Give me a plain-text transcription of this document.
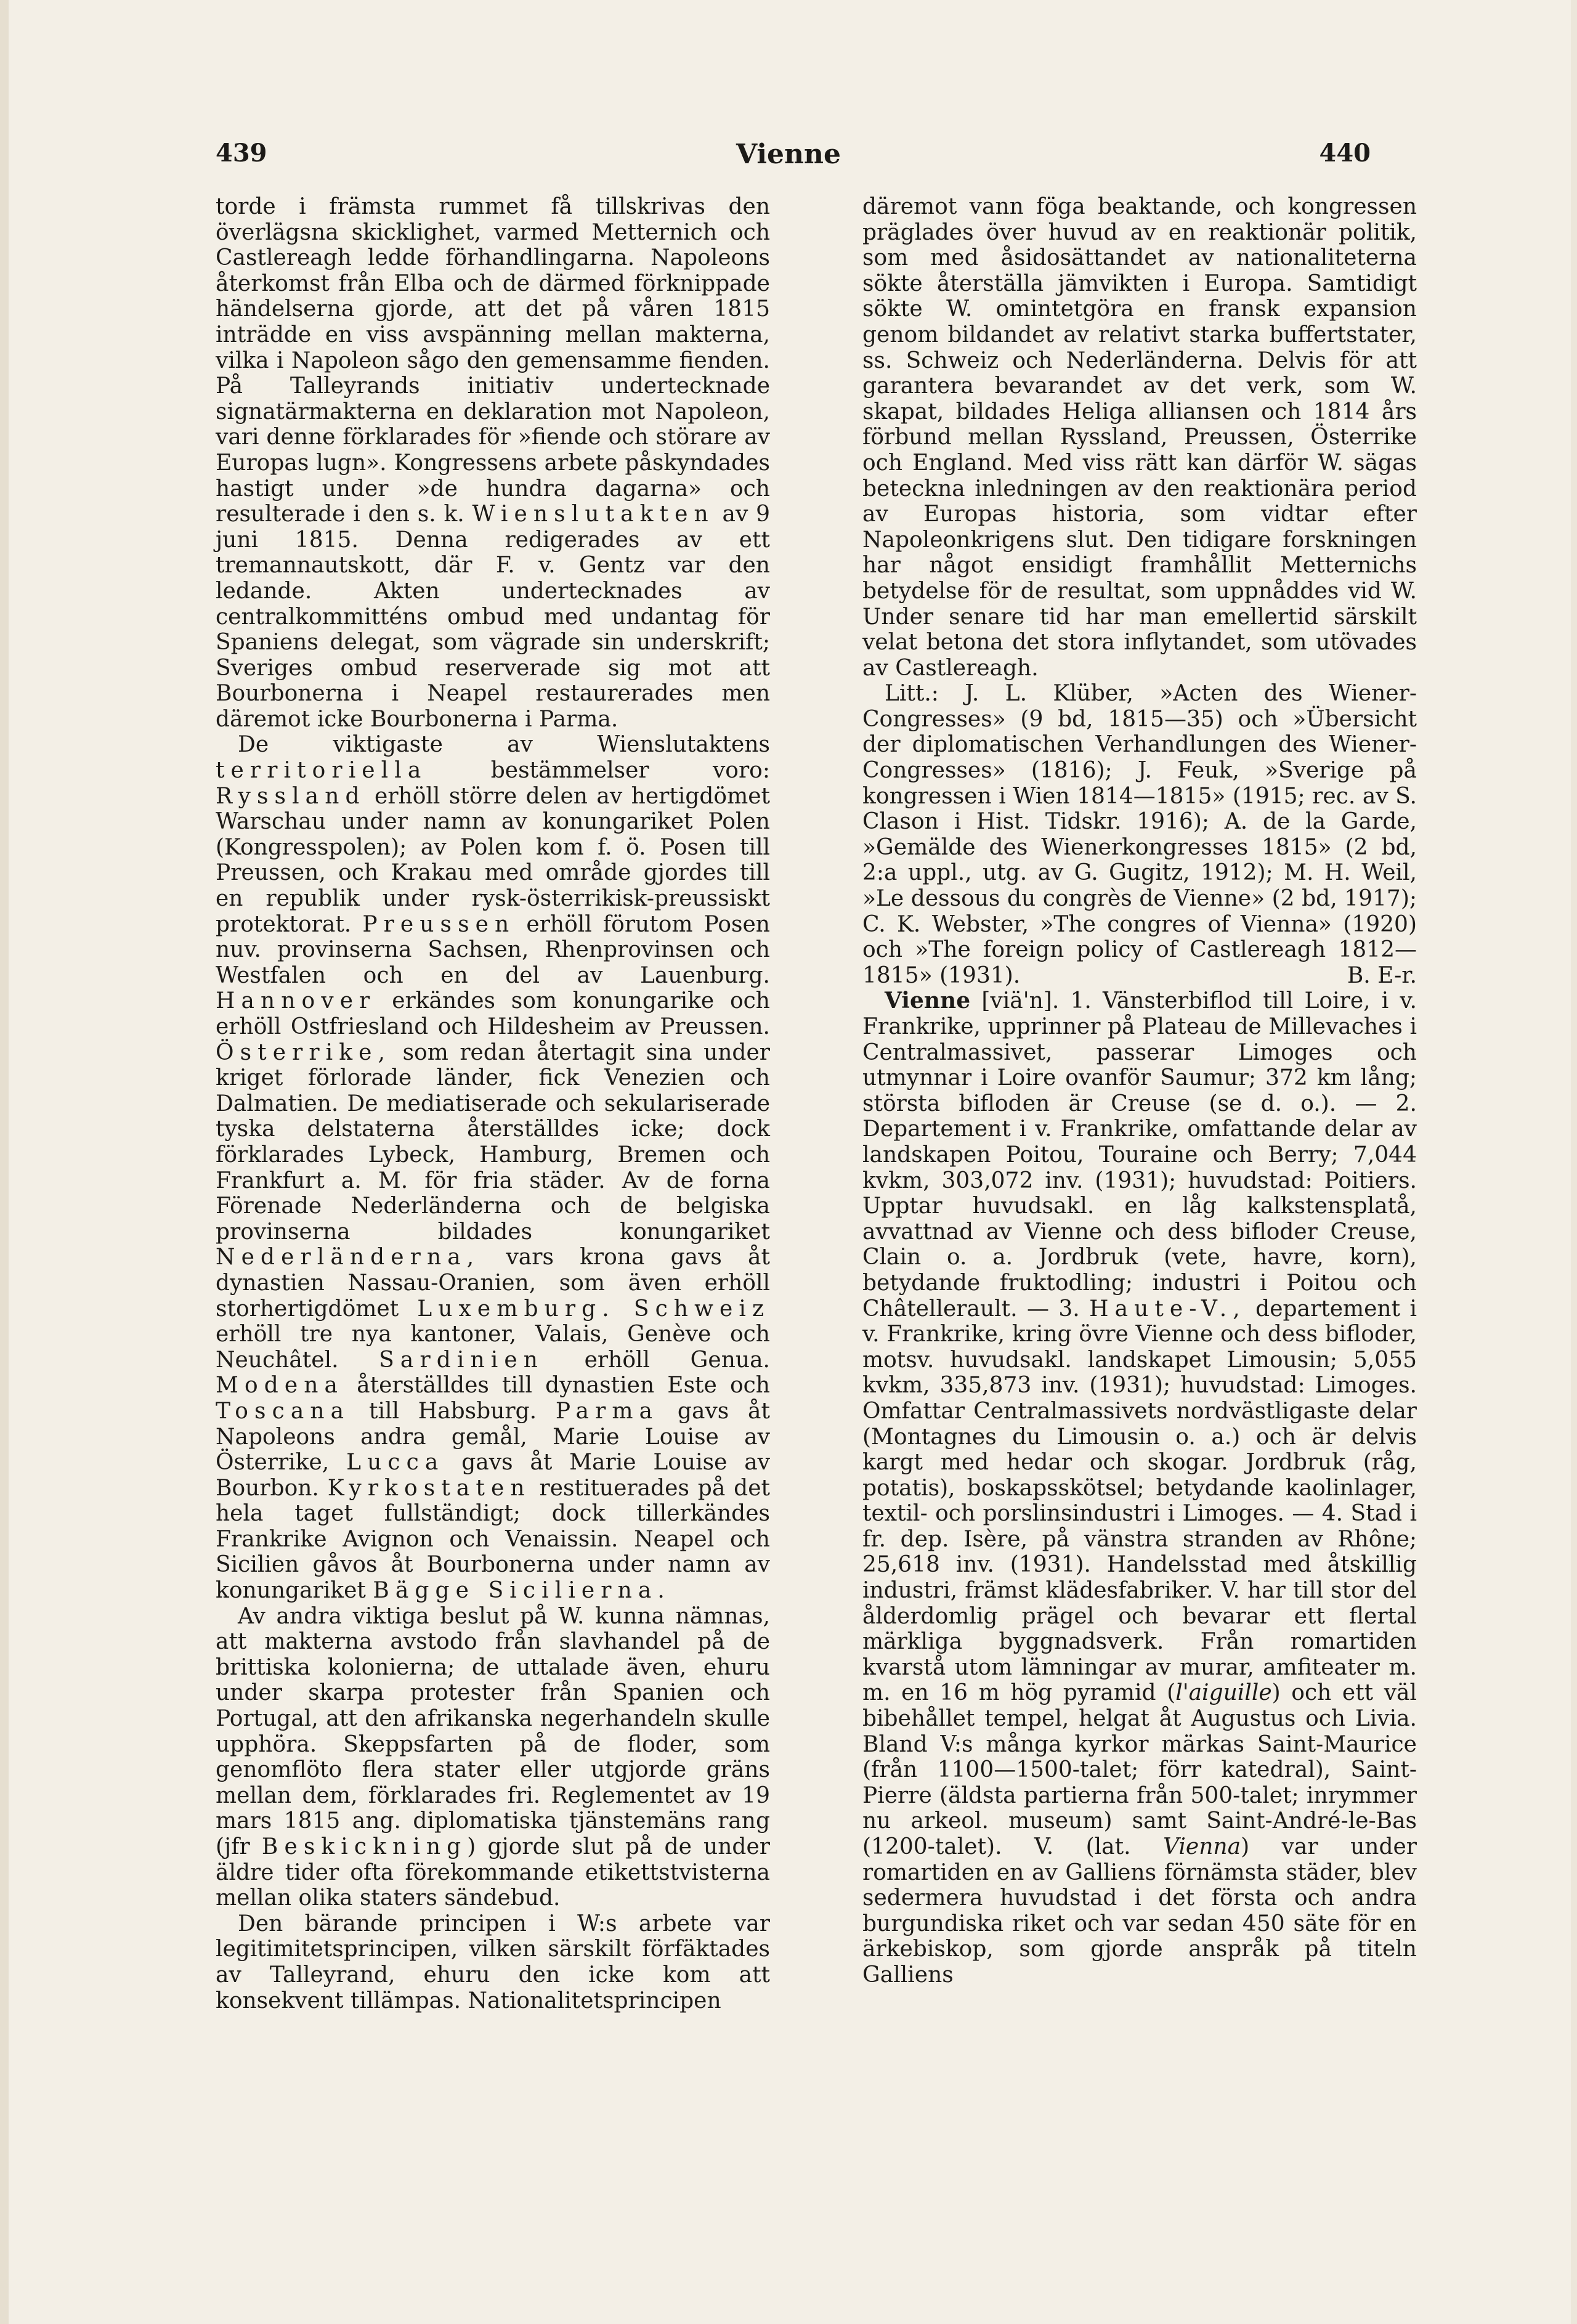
439	Vienne	440

torde i främsta rummet få tillskrivas den överlägsna skicklighet, varmed Metternich och Castlereagh ledde förhandlingarna. Napoleons återkomst från Elba och de därmed förknippade händelserna gjorde, att det på våren 1815 inträdde en viss avspänning mellan makterna, vilka i Napoleon sågo den gemensamme fienden. På Talleyrands initiativ undertecknade signatärmakterna en deklaration mot Napoleon, vari denne förklarades för »fiende och störare av Europas lugn». Kongressens arbete påskyndades hastigt under »de hundra dagarna» och resulterade i den s. k. Wienslutakten av 9 juni 1815. Denna redigerades av ett tremannautskott, där F. v. Gentz var den ledande. Akten undertecknades av centralkommitténs ombud med undantag för Spaniens delegat, som vägrade sin underskrift; Sveriges ombud reserverade sig mot att Bourbonerna i Neapel restaurerades men däremot icke Bourbonerna i Parma.

De viktigaste av Wienslutaktens territoriella	bestämmelser voro: Ryssland erhöll större delen av hertigdömet Warschau under namn av konungariket Polen (Kongresspolen); av Polen kom f. ö. Posen till Preussen, och Krakau med område gjordes till en republik under rysk-österrikisk-preussiskt protektorat. Preussen erhöll förutom Posen nuv. provinserna Sachsen, Rhenprovinsen och Westfalen och en del av Lauenburg. Hannover erkändes som konungarike och erhöll Ostfriesland och Hildesheim av Preussen. Österrike, som redan återtagit sina under kriget förlorade länder, fick Venezien och Dalmatien. De mediatiserade och sekulariserade tyska delstaterna återställdes icke; dock förklarades Lybeck, Hamburg, Bremen och Frankfurt a. M. för fria städer. Av de forna Förenade Nederländerna och de belgiska provinserna bildades konungariket Nederländerna, vars krona gavs åt dynastien Nassau-Oranien, som även erhöll storhertigdömet Luxemburg. Schweiz erhöll tre nya kantoner, Valais, Genève och Neuchâtel. Sardinien erhöll Genua. Modena återställdes till dynastien Este och Toscana till Habsburg. Parma gavs åt Napoleons andra gemål, Marie Louise av Österrike, Lucca gavs åt Marie Louise av Bourbon. Kyrkostaten restituerades på det hela taget fullständigt; dock tillerkändes Frankrike Avignon och Venaissin. Neapel och Sicilien gåvos åt Bourbonerna under namn av konungariket Bägge Sicilierna.

Av andra viktiga beslut på W. kunna nämnas, att makterna avstodo från slavhandel på de brittiska kolonierna; de uttalade även, ehuru under skarpa protester från Spanien och Portugal, att den afrikanska negerhandeln skulle upphöra. Skeppsfarten på de floder, som genomflöto flera stater eller utgjorde gräns mellan dem, förklarades fri. Reglementet av 19 mars 1815 ang. diplomatiska tjänstemäns rang (jfr Beskickning) gjorde slut på de under äldre tider ofta förekommande etikettstvisterna mellan olika staters sändebud.

Den bärande principen i W:s arbete var legitimitetsprincipen, vilken särskilt förfäktades av Talleyrand, ehuru den icke kom att konsekvent tillämpas. Nationalitetsprincipen

däremot vann föga beaktande, och kongressen präglades över huvud av en reaktionär politik, som med åsidosättandet av nationaliteterna sökte återställa jämvikten i Europa. Samtidigt sökte W. omintetgöra en fransk expansion genom bildandet av relativt starka buffertstater, ss. Schweiz och Nederländerna. Delvis för att garantera bevarandet av det verk, som W. skapat, bildades Heliga alliansen och 1814 års förbund mellan Ryssland, Preussen, Österrike och England. Med viss rätt kan därför W. sägas beteckna inledningen av den reaktionära period av Europas historia, som vidtar efter Napoleonkrigens slut. Den tidigare forskningen har något ensidigt framhållit Metternichs betydelse för de resultat, som uppnåddes vid W. Under senare tid har man emellertid särskilt velat betona det stora inflytandet, som utövades av Castlereagh.

Litt.: J. L. Klüber, »Acten des Wiener-Congresses» (9 bd, 1815—35) och »Übersicht der diplomatischen Verhandlungen des Wiener-Congresses» (1816); J. Feuk, »Sverige på kongressen i Wien 1814—1815» (1915; rec. av S. Clason i Hist. Tidskr. 1916); A. de la Garde, »Gemälde des Wienerkongresses 1815» (2 bd, 2:a uppl., utg. av G. Gugitz, 1912); M. H. Weil, »Le dessous du congrès de Vienne» (2 bd, 1917); C. K. Webster, »The congres of Vienna» (1920) och »The foreign policy of Castlereagh 1812—1815» (1931).	B. E-r.

Vienne [viä'n]. 1. Vänsterbiflod till Loire, i v. Frankrike, upprinner på Plateau de Millevaches i Centralmassivet, passerar Limoges och utmynnar i Loire ovanför Saumur; 372 km lång; största bifloden är Creuse (se d. o.). — 2. Departement i v. Frankrike, omfattande delar av landskapen Poitou, Touraine och Berry; 7,044 kvkm, 303,072 inv. (1931); huvudstad: Poitiers. Upptar huvudsakl. en låg kalkstensplatå, avvattnad av Vienne och dess bifloder Creuse, Clain o. a. Jordbruk (vete, havre, korn), betydande fruktodling; industri i Poitou och Châtellerault. — 3. Haute-V., departement i v. Frankrike, kring övre Vienne och dess bifloder, motsv. huvudsakl. landskapet Limousin; 5,055 kvkm, 335,873 inv. (1931); huvudstad: Limoges. Omfattar Centralmassivets nordvästligaste delar (Montagnes du Limousin o. a.) och är delvis kargt med hedar och skogar. Jordbruk (råg, potatis), boskapsskötsel; betydande kaolinlager, textil- och porslinsindustri i Limoges. — 4. Stad i fr. dep. Isère, på vänstra stranden av Rhône; 25,618 inv. (1931). Handelsstad med åtskillig industri, främst klädesfabriker. V. har till stor del ålderdomlig prägel och bevarar ett flertal märkliga byggnadsverk. Från romartiden kvarstå utom lämningar av murar, amfiteater m. m. en 16 m hög pyramid (l'aiguille) och ett väl bibehållet tempel, helgat åt Augustus och Livia. Bland V:s många kyrkor märkas Saint-Maurice (från 1100—1500-talet; förr katedral), Saint-Pierre (äldsta partierna från 500-talet; inrymmer nu arkeol. museum) samt Saint-André-le-Bas (1200-talet). V. (lat. Vienna) var under romartiden en av Galliens förnämsta städer, blev sedermera huvudstad i det första och andra burgundiska riket och var sedan 450 säte för en ärkebiskop, som gjorde anspråk på titeln Galliens
